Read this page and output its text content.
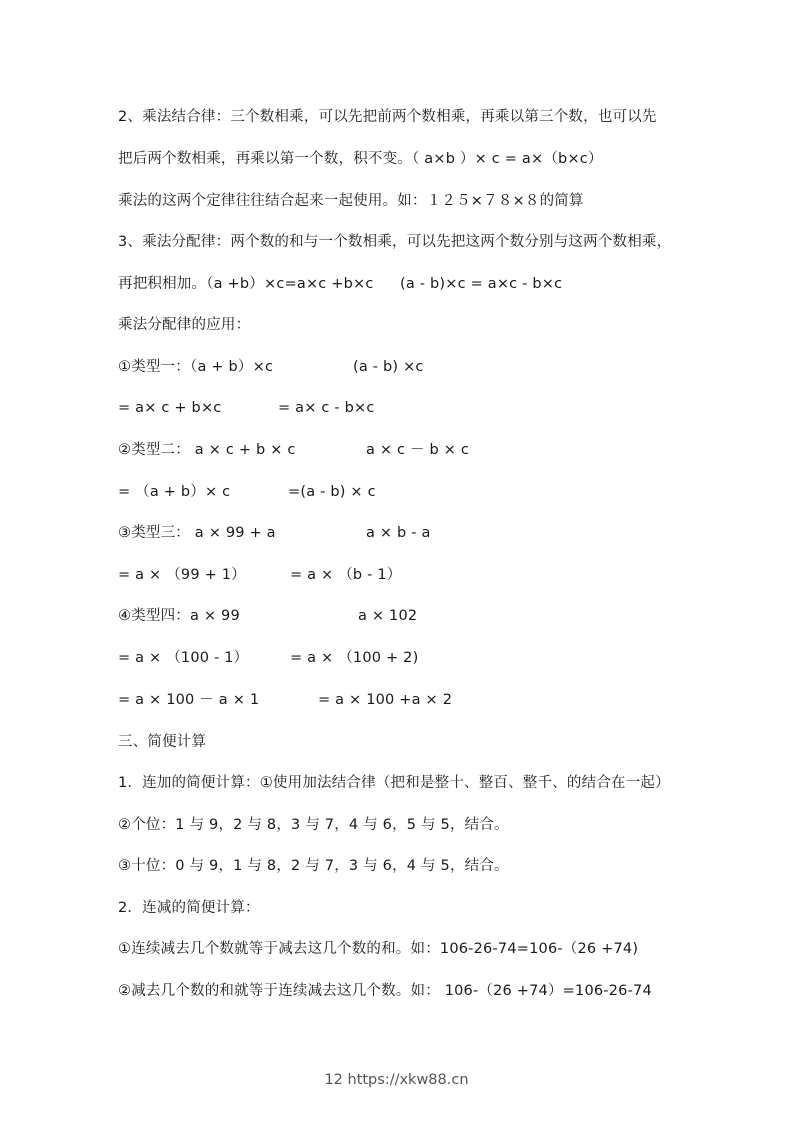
2、乘法结合律：三个数相乘，可以先把前两个数相乘，再乘以第三个数，也可以先
把后两个数相乘，再乘以第一个数，积不变。（ a×b ）× c = a×（b×c）
乘法的这两个定律往往结合起来一起使用。如：１２５×７８×８的简算
3、乘法分配律：两个数的和与一个数相乘，可以先把这两个数分别与这两个数相乘，
再把积相加。（a +b）×c=a×c +b×c (a - b)×c = a×c - b×c
乘法分配律的应用：
①类型一：（a + b）×c	(a - b) ×c
= a× c + b×c	= a× c - b×c
②类型二： a × c + b × c	a × c － b × c
= （a + b）× c	=(a - b) × c
③类型三： a × 99 + a	a × b - a
= a × （99 + 1）	= a × （b - 1）
④类型四：a × 99	a × 102
= a × （100 - 1）	= a × （100 + 2)
= a × 100 － a × 1	= a × 100 +a × 2
三、简便计算
1．连加的简便计算：①使用加法结合律（把和是整十、整百、整千、的结合在一起）
②个位：1 与 9，2 与 8，3 与 7，4 与 6，5 与 5，结合。
③十位：0 与 9，1 与 8，2 与 7，3 与 6，4 与 5，结合。
2．连减的简便计算：
①连续减去几个数就等于减去这几个数的和。如：106-26-74=106-（26 +74)
②减去几个数的和就等于连续减去这几个数。如： 106-（26 +74）=106-26-74
12 https://xkw88.cn
